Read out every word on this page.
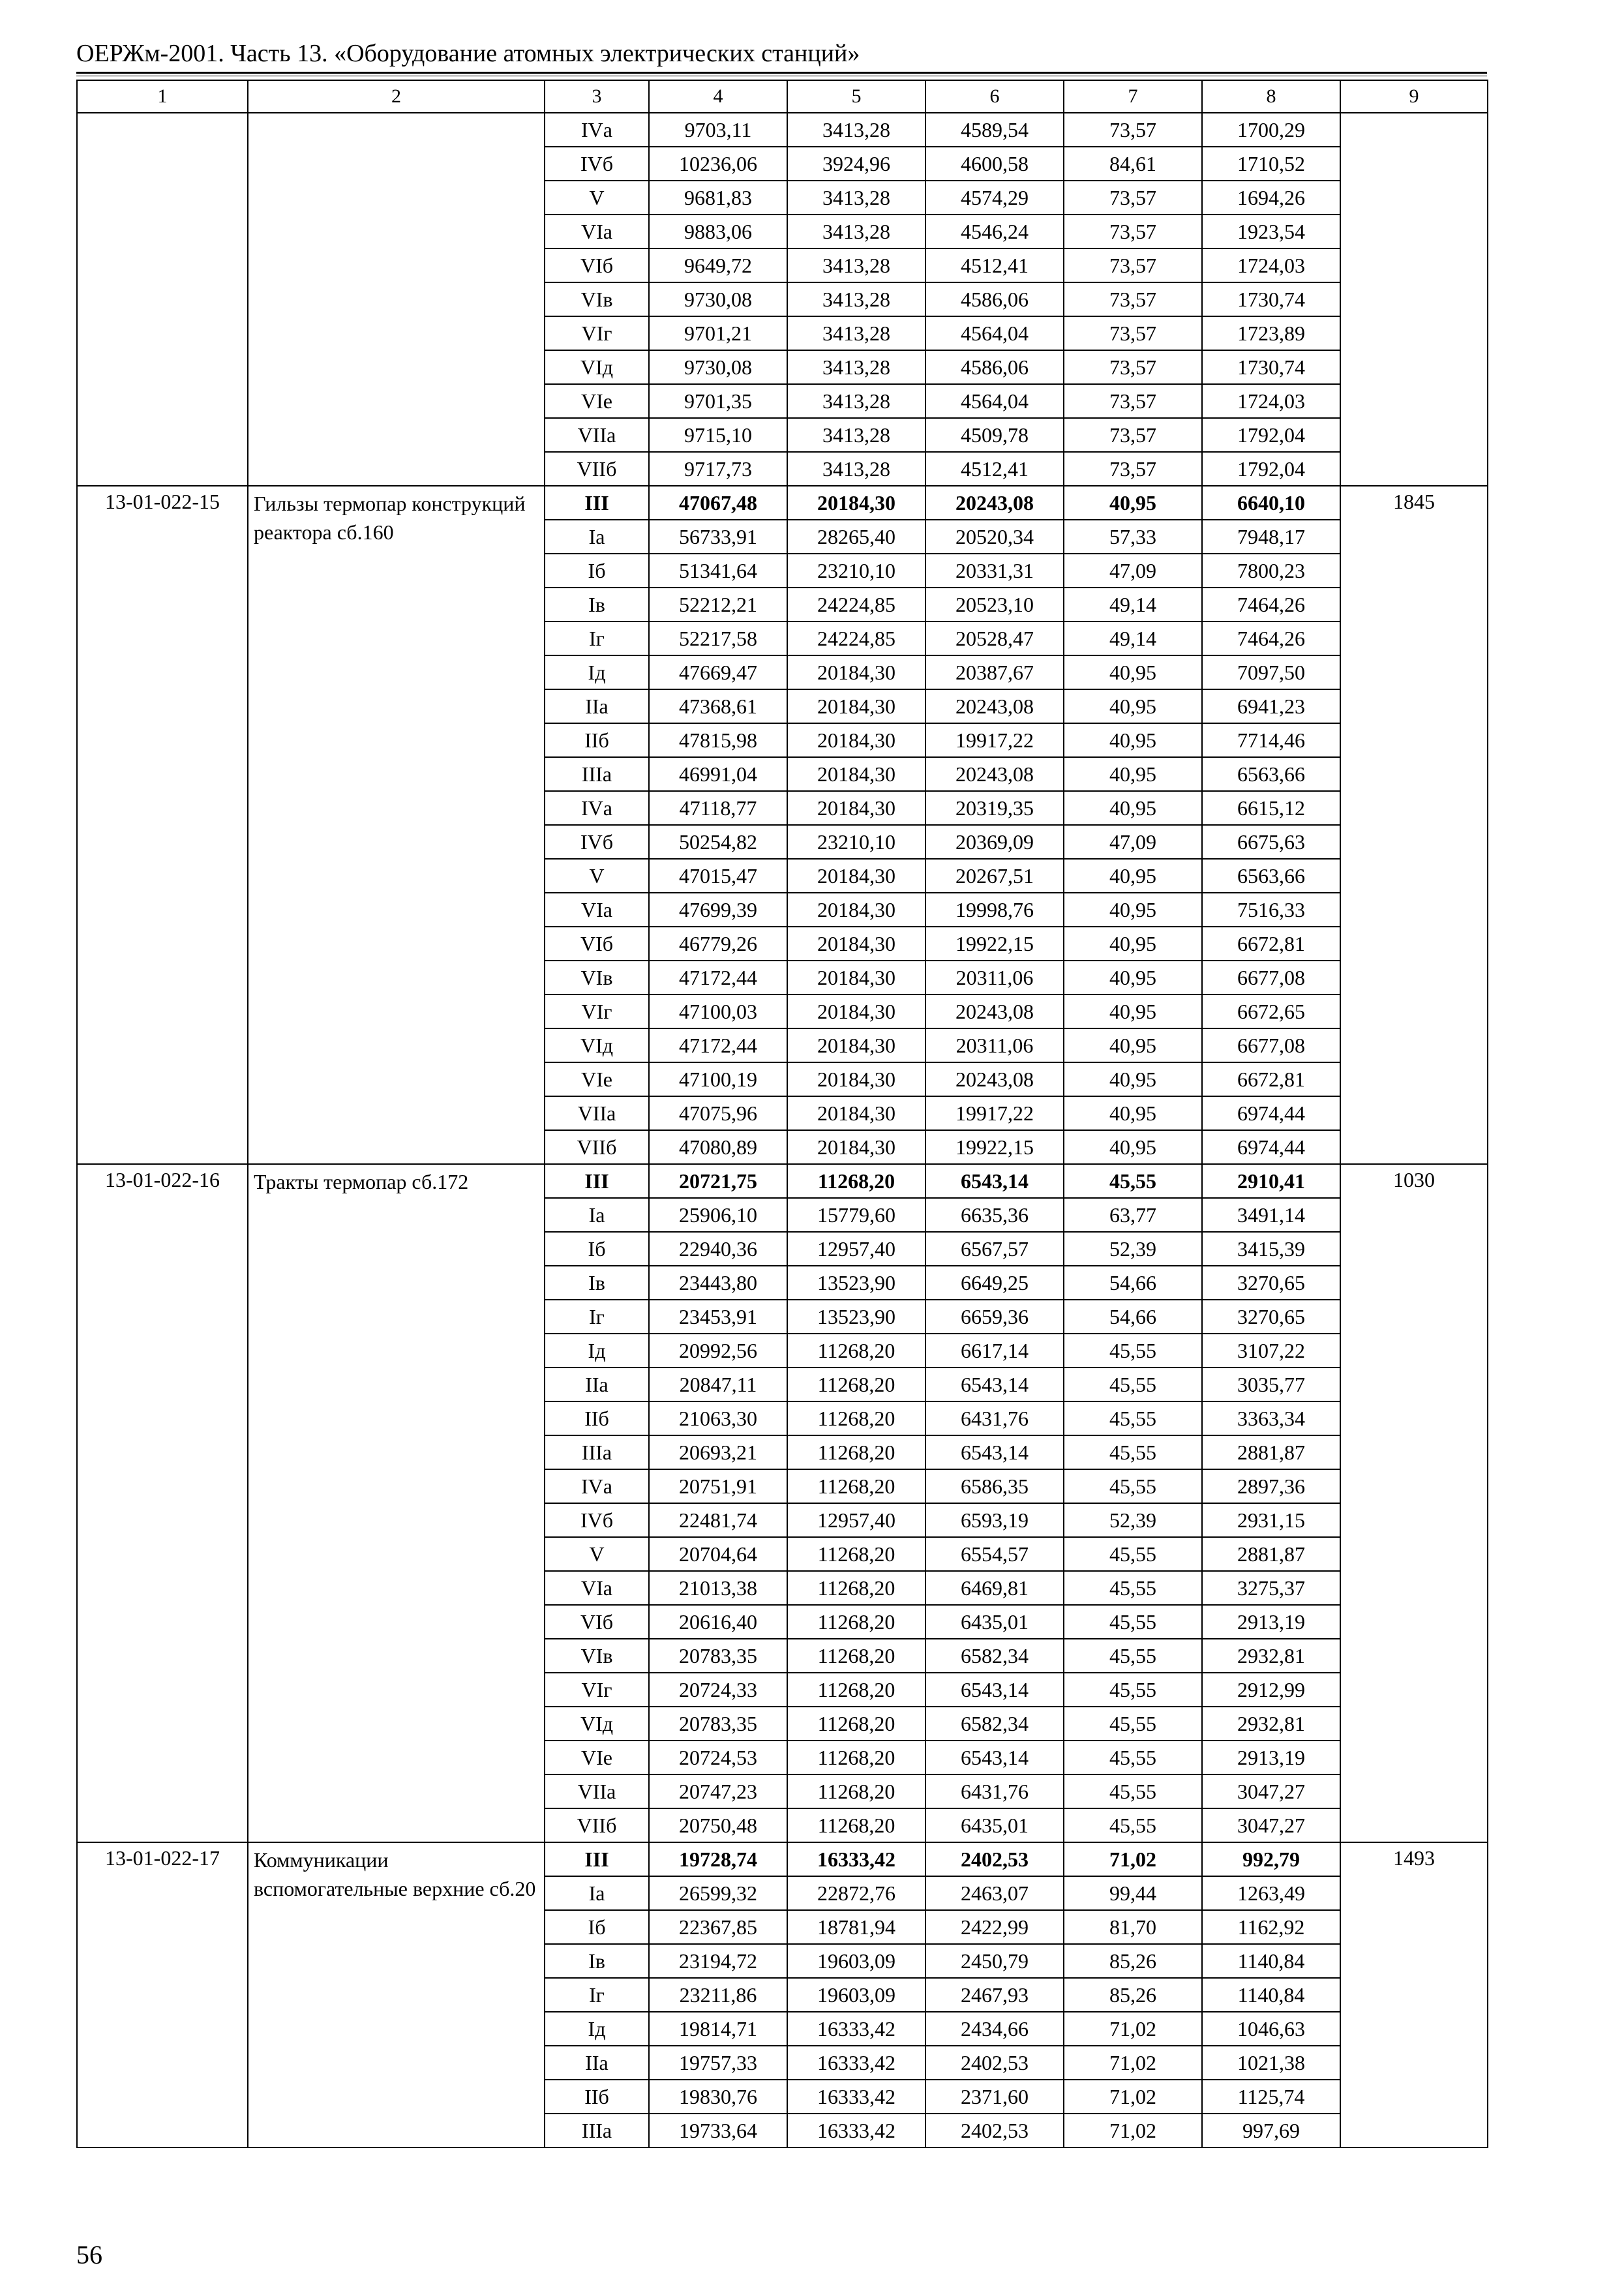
ОЕРЖм-2001. Часть 13. «Оборудование атомных электрических станций»
1	2	3	4	5	6	7	8	9
		IVа	9703,11	3413,28	4589,54	73,57	1700,29	
		IVб	10236,06	3924,96	4600,58	84,61	1710,52	
		V	9681,83	3413,28	4574,29	73,57	1694,26	
		VIа	9883,06	3413,28	4546,24	73,57	1923,54	
		VIб	9649,72	3413,28	4512,41	73,57	1724,03	
		VIв	9730,08	3413,28	4586,06	73,57	1730,74	
		VIг	9701,21	3413,28	4564,04	73,57	1723,89	
		VIд	9730,08	3413,28	4586,06	73,57	1730,74	
		VIе	9701,35	3413,28	4564,04	73,57	1724,03	
		VIIа	9715,10	3413,28	4509,78	73,57	1792,04	
		VIIб	9717,73	3413,28	4512,41	73,57	1792,04	
13-01-022-15	Гильзы термопар конструкций реактора сб.160	III	47067,48	20184,30	20243,08	40,95	6640,10	1845
		Iа	56733,91	28265,40	20520,34	57,33	7948,17	
		Iб	51341,64	23210,10	20331,31	47,09	7800,23	
		Iв	52212,21	24224,85	20523,10	49,14	7464,26	
		Iг	52217,58	24224,85	20528,47	49,14	7464,26	
		Iд	47669,47	20184,30	20387,67	40,95	7097,50	
		IIа	47368,61	20184,30	20243,08	40,95	6941,23	
		IIб	47815,98	20184,30	19917,22	40,95	7714,46	
		IIIа	46991,04	20184,30	20243,08	40,95	6563,66	
		IVа	47118,77	20184,30	20319,35	40,95	6615,12	
		IVб	50254,82	23210,10	20369,09	47,09	6675,63	
		V	47015,47	20184,30	20267,51	40,95	6563,66	
		VIа	47699,39	20184,30	19998,76	40,95	7516,33	
		VIб	46779,26	20184,30	19922,15	40,95	6672,81	
		VIв	47172,44	20184,30	20311,06	40,95	6677,08	
		VIг	47100,03	20184,30	20243,08	40,95	6672,65	
		VIд	47172,44	20184,30	20311,06	40,95	6677,08	
		VIе	47100,19	20184,30	20243,08	40,95	6672,81	
		VIIа	47075,96	20184,30	19917,22	40,95	6974,44	
		VIIб	47080,89	20184,30	19922,15	40,95	6974,44	
13-01-022-16	Тракты термопар сб.172	III	20721,75	11268,20	6543,14	45,55	2910,41	1030
		Iа	25906,10	15779,60	6635,36	63,77	3491,14	
		Iб	22940,36	12957,40	6567,57	52,39	3415,39	
		Iв	23443,80	13523,90	6649,25	54,66	3270,65	
		Iг	23453,91	13523,90	6659,36	54,66	3270,65	
		Iд	20992,56	11268,20	6617,14	45,55	3107,22	
		IIа	20847,11	11268,20	6543,14	45,55	3035,77	
		IIб	21063,30	11268,20	6431,76	45,55	3363,34	
		IIIа	20693,21	11268,20	6543,14	45,55	2881,87	
		IVа	20751,91	11268,20	6586,35	45,55	2897,36	
		IVб	22481,74	12957,40	6593,19	52,39	2931,15	
		V	20704,64	11268,20	6554,57	45,55	2881,87	
		VIа	21013,38	11268,20	6469,81	45,55	3275,37	
		VIб	20616,40	11268,20	6435,01	45,55	2913,19	
		VIв	20783,35	11268,20	6582,34	45,55	2932,81	
		VIг	20724,33	11268,20	6543,14	45,55	2912,99	
		VIд	20783,35	11268,20	6582,34	45,55	2932,81	
		VIе	20724,53	11268,20	6543,14	45,55	2913,19	
		VIIа	20747,23	11268,20	6431,76	45,55	3047,27	
		VIIб	20750,48	11268,20	6435,01	45,55	3047,27	
13-01-022-17	Коммуникации вспомогательные верхние сб.20	III	19728,74	16333,42	2402,53	71,02	992,79	1493
		Iа	26599,32	22872,76	2463,07	99,44	1263,49	
		Iб	22367,85	18781,94	2422,99	81,70	1162,92	
		Iв	23194,72	19603,09	2450,79	85,26	1140,84	
		Iг	23211,86	19603,09	2467,93	85,26	1140,84	
		Iд	19814,71	16333,42	2434,66	71,02	1046,63	
		IIа	19757,33	16333,42	2402,53	71,02	1021,38	
		IIб	19830,76	16333,42	2371,60	71,02	1125,74	
		IIIа	19733,64	16333,42	2402,53	71,02	997,69	
56
